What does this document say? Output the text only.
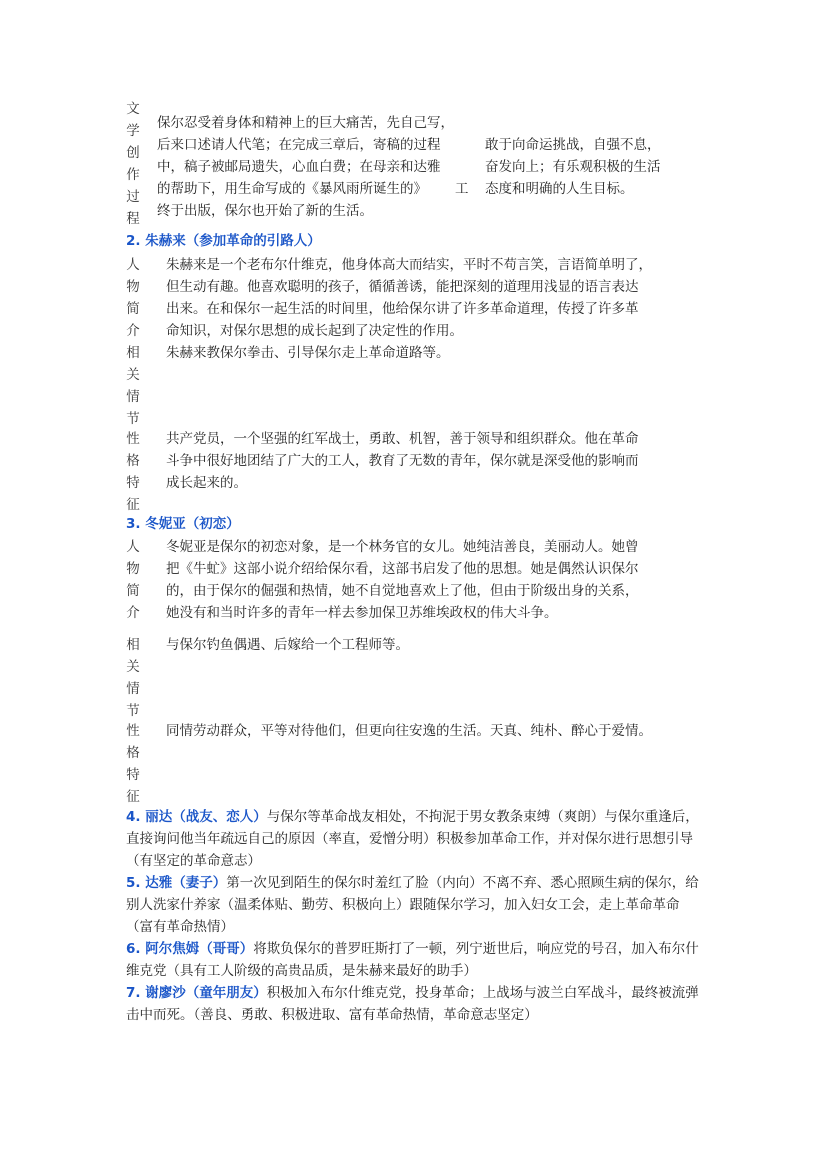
文
学
创
作
过
程
保尔忍受着身体和精神上的巨大痛苦，先自己写，
后来口述请人代笔；在完成三章后，寄稿的过程
中，稿子被邮局遗失，心血白费；在母亲和达雅
的帮助下，用生命写成的《暴风雨所诞生的》
终于出版，保尔也开始了新的生活。
工
敢于向命运挑战，自强不息，
奋发向上；有乐观积极的生活
态度和明确的人生目标。
2. 朱赫来（参加革命的引路人）
人
物
简
介
朱赫来是一个老布尔什维克，他身体高大而结实，平时不苟言笑，言语简单明了，
但生动有趣。他喜欢聪明的孩子，循循善诱，能把深刻的道理用浅显的语言表达
出来。在和保尔一起生活的时间里，他给保尔讲了许多革命道理，传授了许多革
命知识，对保尔思想的成长起到了决定性的作用。
相
关
情
节
朱赫来教保尔拳击、引导保尔走上革命道路等。
性
格
特
征
共产党员，一个坚强的红军战士，勇敢、机智，善于领导和组织群众。他在革命
斗争中很好地团结了广大的工人，教育了无数的青年，保尔就是深受他的影响而
成长起来的。
3. 冬妮亚（初恋）
人
物
简
介
冬妮亚是保尔的初恋对象，是一个林务官的女儿。她纯洁善良，美丽动人。她曾
把《牛虻》这部小说介绍给保尔看，这部书启发了他的思想。她是偶然认识保尔
的，由于保尔的倔强和热情，她不自觉地喜欢上了他，但由于阶级出身的关系，
她没有和当时许多的青年一样去参加保卫苏维埃政权的伟大斗争。
相
关
情
节
与保尔钓鱼偶遇、后嫁给一个工程师等。
性
格
特
征
同情劳动群众，平等对待他们，但更向往安逸的生活。天真、纯朴、醉心于爱情。
4. 丽达（战友、恋人）与保尔等革命战友相处，不拘泥于男女教条束缚（爽朗）与保尔重逢后，直接询问他当年疏远自己的原因（率直，爱憎分明）积极参加革命工作，并对保尔进行思想引导（有坚定的革命意志）
5. 达雅（妻子）第一次见到陌生的保尔时羞红了脸（内向）不离不弃、悉心照顾生病的保尔，给别人洗家什养家（温柔体贴、勤劳、积极向上）跟随保尔学习，加入妇女工会，走上革命革命（富有革命热情）
6. 阿尔焦姆（哥哥）将欺负保尔的普罗旺斯打了一顿，列宁逝世后，响应党的号召，加入布尔什维克党（具有工人阶级的高贵品质，是朱赫来最好的助手）
7. 谢廖沙（童年朋友）积极加入布尔什维克党，投身革命；上战场与波兰白军战斗，最终被流弹击中而死。（善良、勇敢、积极进取、富有革命热情，革命意志坚定）
